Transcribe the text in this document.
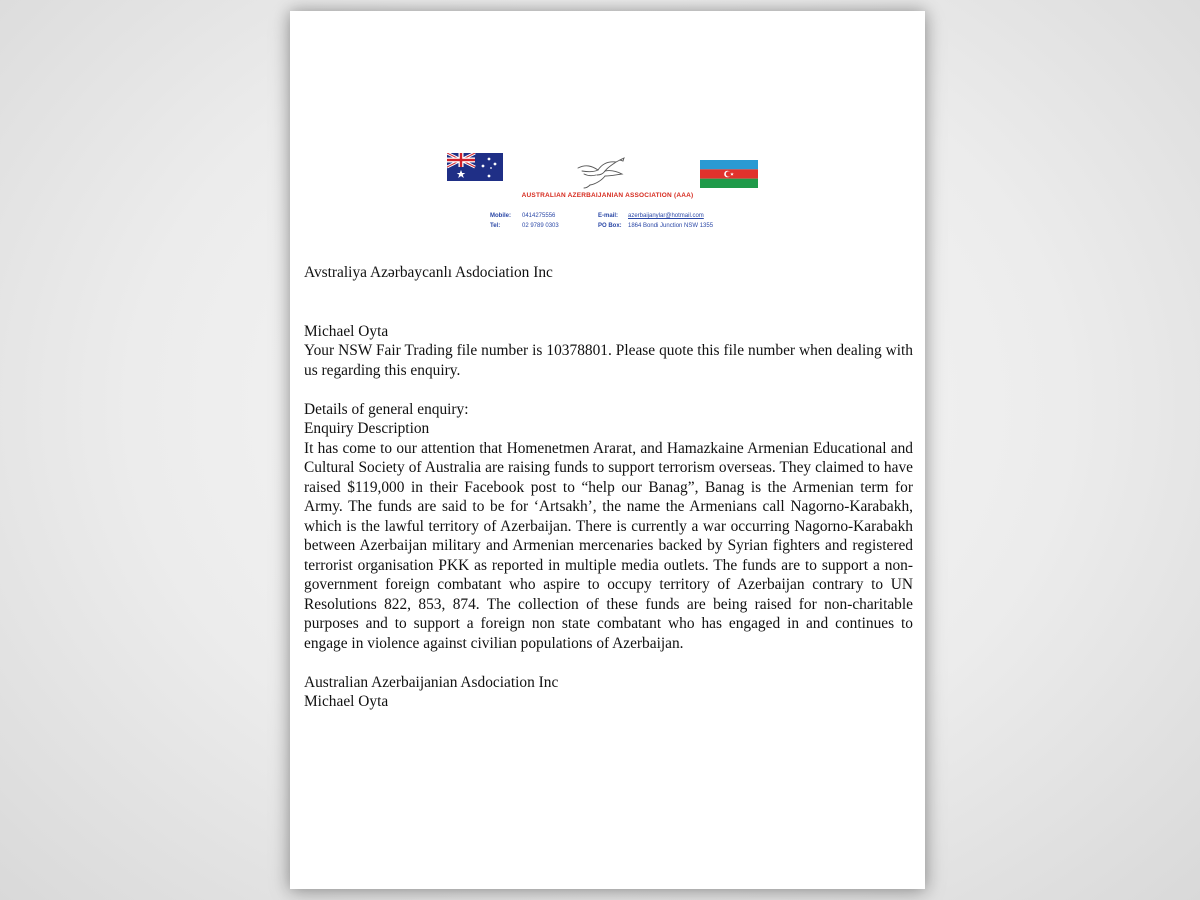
AUSTRALIAN AZERBAIJANIAN ASSOCIATION (AAA)
Mobile: 0414275556
Tel:	02 9789 0303
E-mail: azerbaijanylar@hotmail.com
PO Box: 1864 Bondi Junction NSW 1355

Avstraliya Azərbaycanlı Asdociation Inc

Michael Oyta

Your NSW Fair Trading file number is 10378801. Please quote this file number when dealing with us regarding this enquiry.

Details of general enquiry:

Enquiry Description

It has come to our attention that Homenetmen Ararat, and Hamazkaine Armenian Educational and Cultural Society of Australia are raising funds to support terrorism overseas. They claimed to have raised $119,000 in their Facebook post to “help our Banag”, Banag is the Armenian term for Army. The funds are said to be for ‘Artsakh’, the name the Armenians call Nagorno-Karabakh, which is the lawful territory of Azerbaijan. There is currently a war occurring Nagorno-Karabakh between Azerbaijan military and Armenian mercenaries backed by Syrian fighters and registered terrorist organisation PKK as reported in multiple media outlets. The funds are to support a non-government foreign combatant who aspire to occupy territory of Azerbaijan contrary to UN Resolutions 822, 853, 874. The collection of these funds are being raised for non-charitable purposes and to support a foreign non state combatant who has engaged in and continues to engage in violence against civilian populations of Azerbaijan.

Australian Azerbaijanian Asdociation Inc

Michael Oyta
